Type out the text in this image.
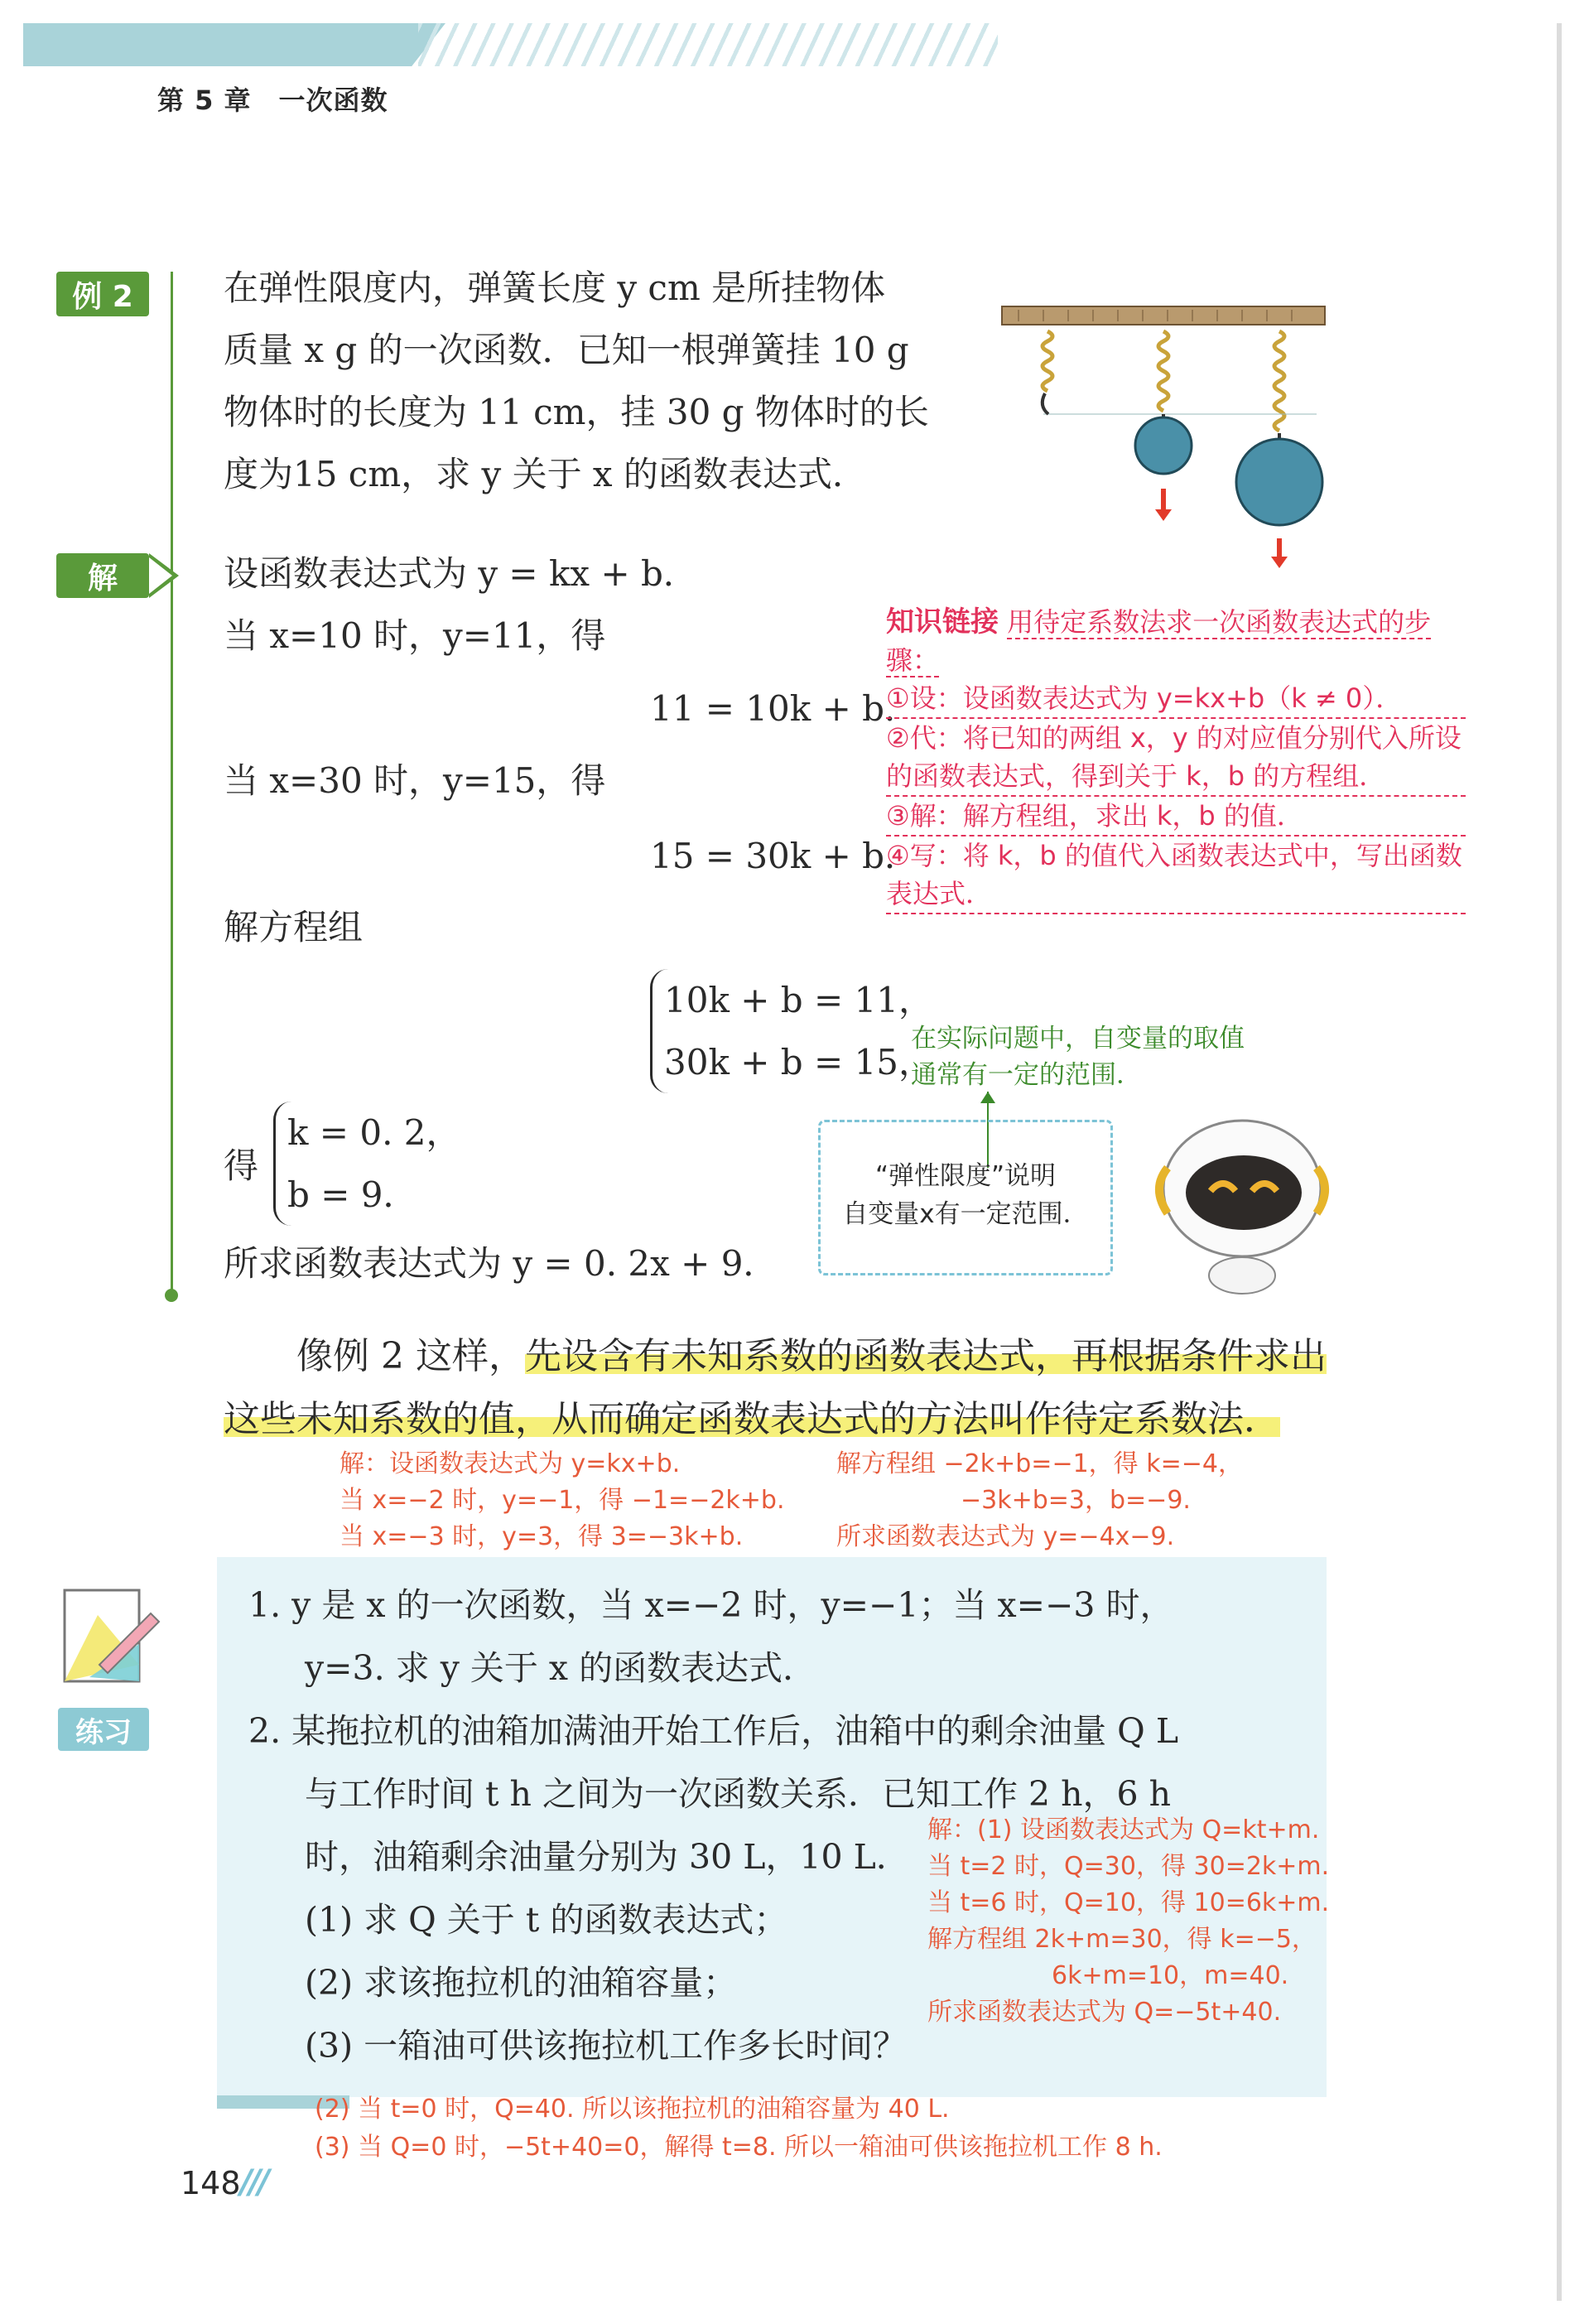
第 5 章　一次函数
例 2	在弹性限度内，弹簧长度 y cm 是所挂物体
质量 x g 的一次函数．已知一根弹簧挂 10 g
物体时的长度为 11 cm，挂 30 g 物体时的长
度为15 cm，求 y 关于 x 的函数表达式．
解	设函数表达式为 y = kx + b．
当 x=10 时，y=11，得
11 = 10k + b．
当 x=30 时，y=15，得
15 = 30k + b．
解方程组
10k + b = 11，
30k + b = 15，
得
k = 0. 2，
b = 9．
所求函数表达式为 y = 0. 2x + 9．
知识链接 用待定系数法求一次函数表达式的步骤：
①设：设函数表达式为 y=kx+b（k ≠ 0）．
②代：将已知的两组 x，y 的对应值分别代入所设的函数表达式，得到关于 k，b 的方程组．
③解：解方程组，求出 k，b 的值．
④写：将 k，b 的值代入函数表达式中，写出函数表达式．
在实际问题中，自变量的取值通常有一定的范围．
“弹性限度”说明
自变量x有一定范围．
像例 2 这样，先设含有未知系数的函数表达式，再根据条件求出这些未知系数的值，从而确定函数表达式的方法叫作待定系数法．
解：设函数表达式为 y=kx+b.
当 x=−2 时，y=−1，得 −1=−2k+b.
当 x=−3 时，y=3，得 3=−3k+b.
解方程组 −2k+b=−1，得 k=−4，
−3k+b=3，b=−9.
所求函数表达式为 y=−4x−9.
练习
1. y 是 x 的一次函数，当 x=−2 时，y=−1；当 x=−3 时，
y=3. 求 y 关于 x 的函数表达式．
2. 某拖拉机的油箱加满油开始工作后，油箱中的剩余油量 Q L
与工作时间 t h 之间为一次函数关系．已知工作 2 h，6 h
时，油箱剩余油量分别为 30 L，10 L．
(1) 求 Q 关于 t 的函数表达式；
(2) 求该拖拉机的油箱容量；
(3) 一箱油可供该拖拉机工作多长时间？
解：(1) 设函数表达式为 Q=kt+m.
当 t=2 时，Q=30，得 30=2k+m.
当 t=6 时，Q=10，得 10=6k+m.
解方程组 2k+m=30，得 k=−5，
6k+m=10，m=40.
所求函数表达式为 Q=−5t+40.
(2) 当 t=0 时，Q=40. 所以该拖拉机的油箱容量为 40 L.
(3) 当 Q=0 时，−5t+40=0，解得 t=8. 所以一箱油可供该拖拉机工作 8 h.
148 ///
